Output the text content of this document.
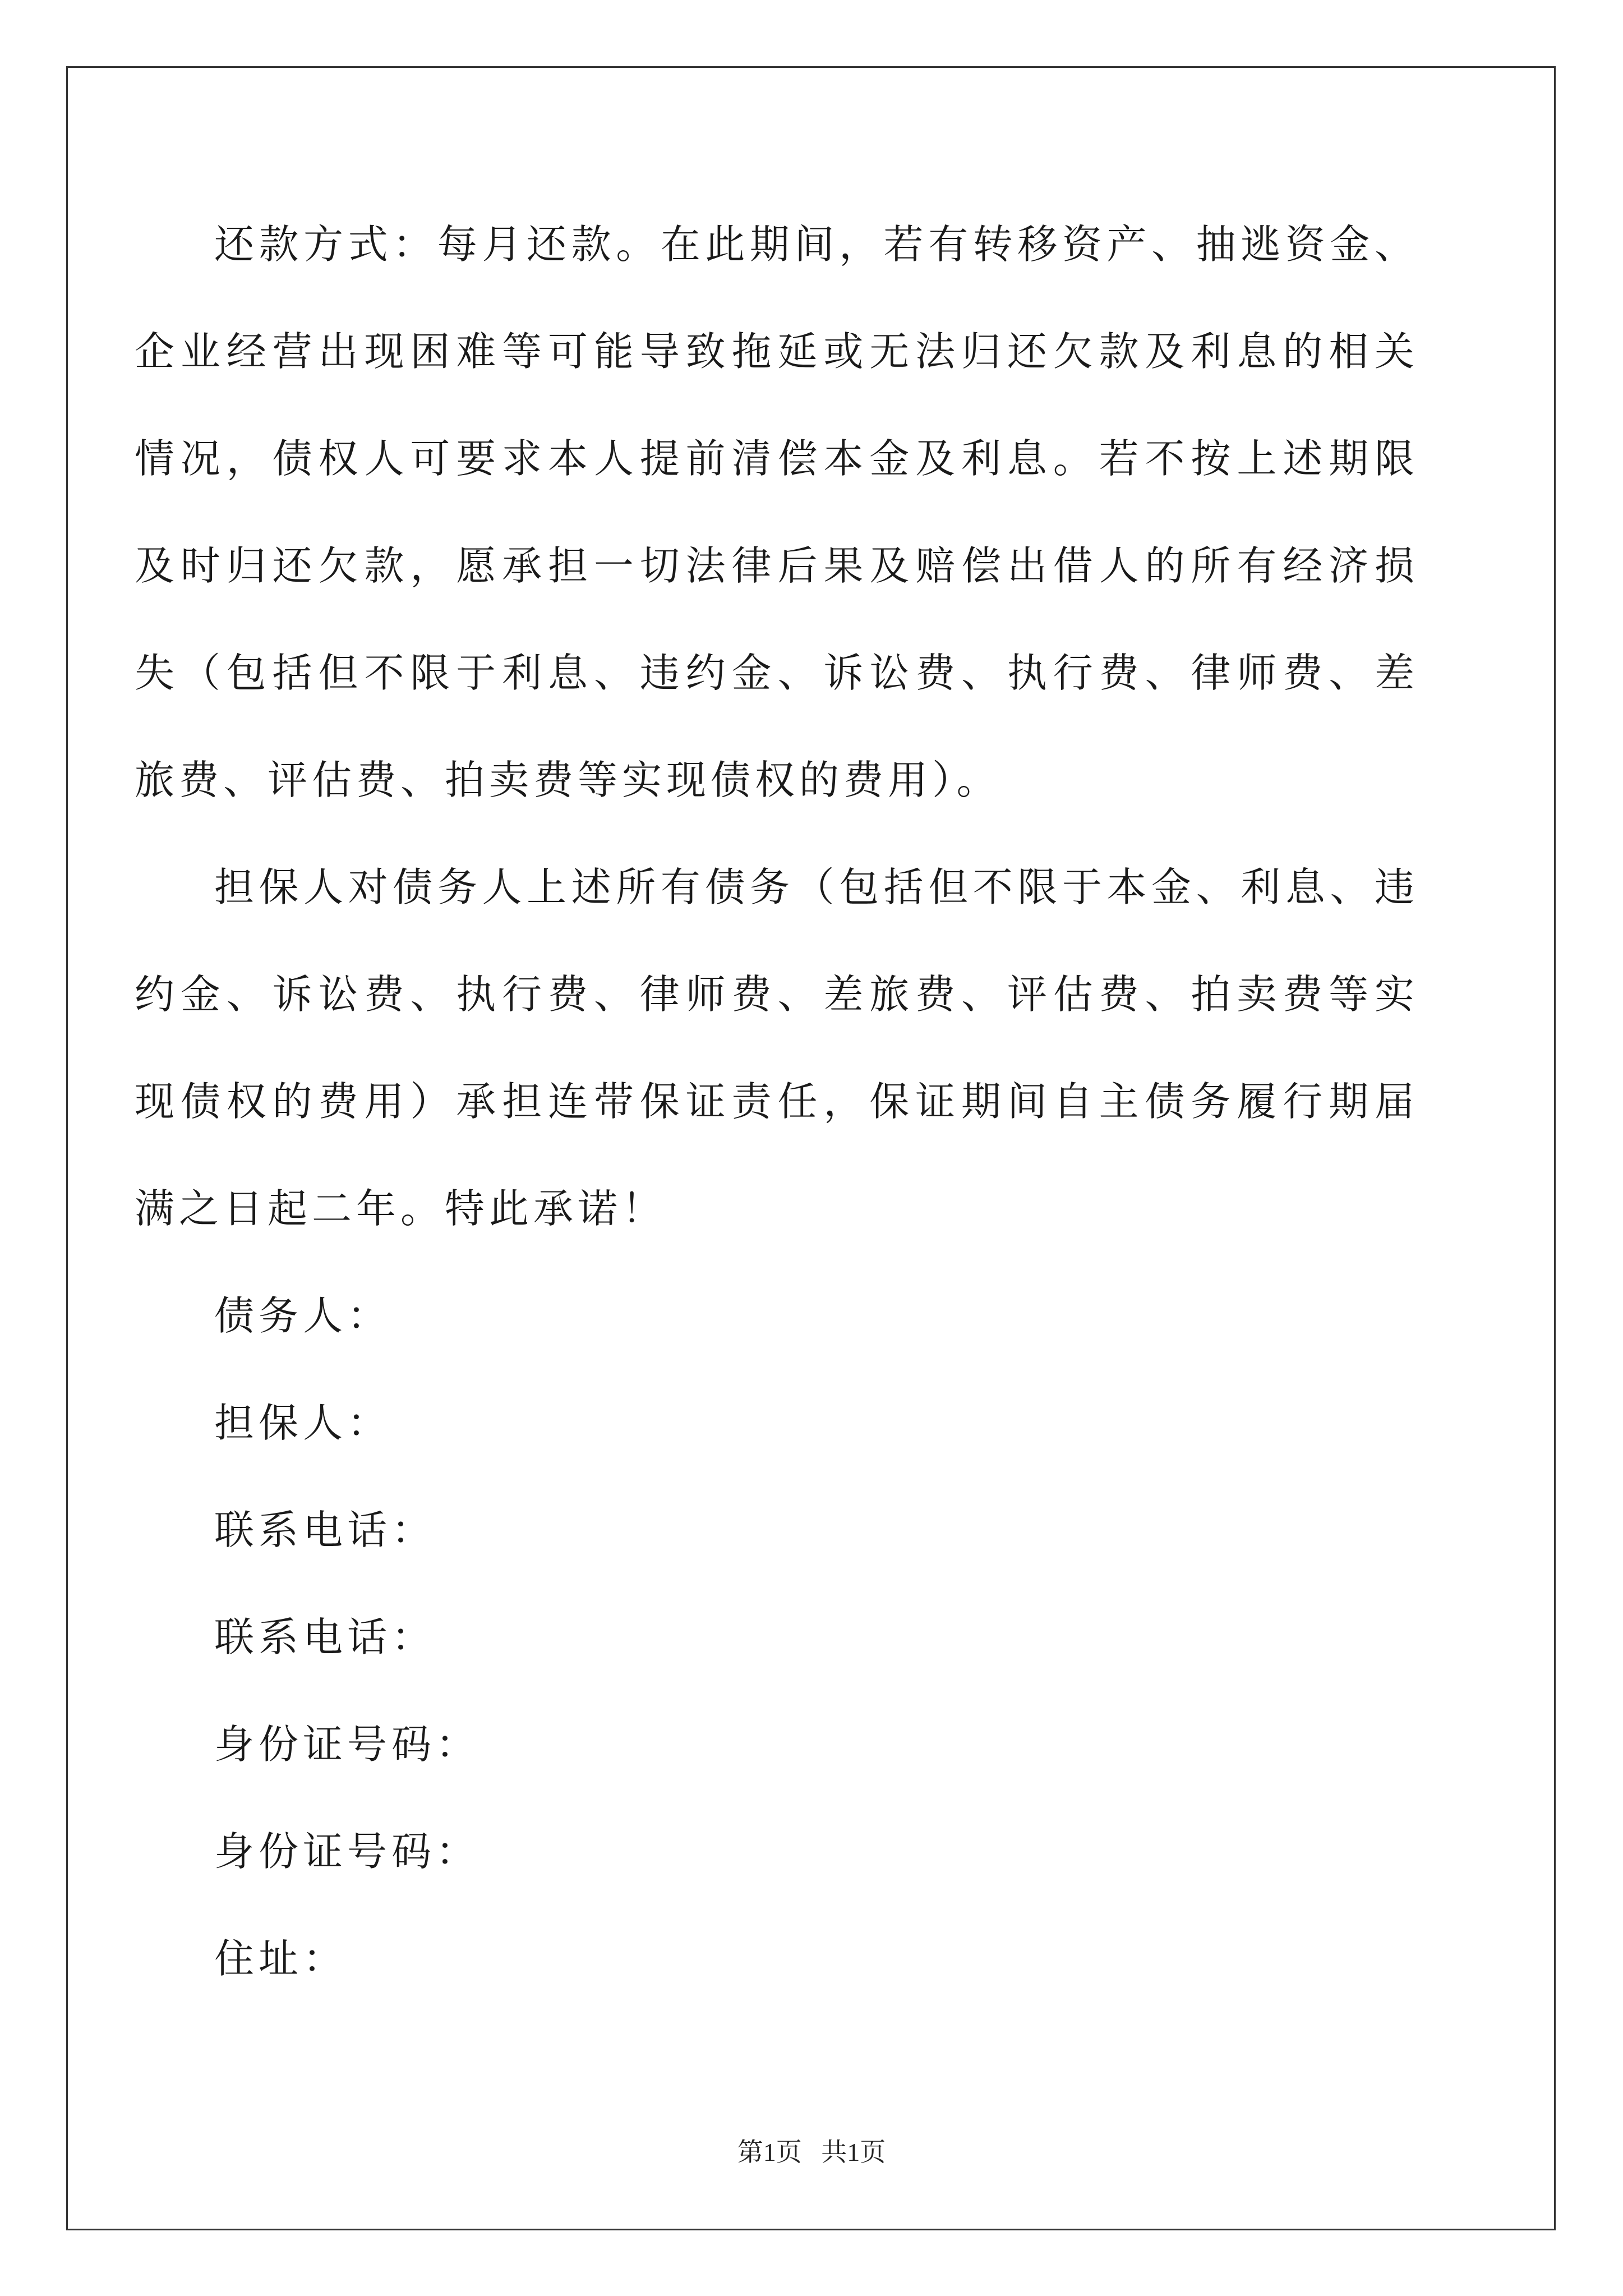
还款方式：每月还款。在此期间，若有转移资产、抽逃资金、企业经营出现困难等可能导致拖延或无法归还欠款及利息的相关情况，债权人可要求本人提前清偿本金及利息。若不按上述期限及时归还欠款，愿承担一切法律后果及赔偿出借人的所有经济损失（包括但不限于利息、违约金、诉讼费、执行费、律师费、差旅费、评估费、拍卖费等实现债权的费用）。

担保人对债务人上述所有债务（包括但不限于本金、利息、违约金、诉讼费、执行费、律师费、差旅费、评估费、拍卖费等实现债权的费用）承担连带保证责任，保证期间自主债务履行期届满之日起二年。特此承诺！

债务人：

担保人：

联系电话：

联系电话：

身份证号码：

身份证号码：

住址：

第1页   共1页
